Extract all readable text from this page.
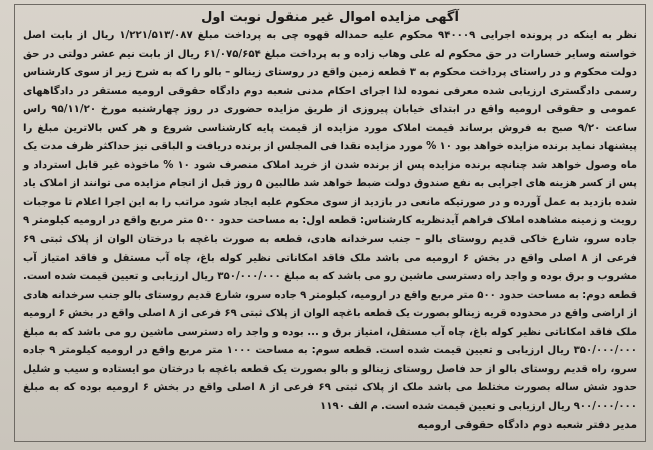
آگهی مزایده اموال غیر منقول نوبت اول

نظر به اینکه در پرونده اجرایی ۹۴۰۰۰۹ محکوم علیه حمداله قهوه چی به پرداخت مبلغ ۱/۲۲۱/۵۱۳/۰۸۷ ریال از بابت اصل خواسته وسایر خسارات در حق محکوم له علی وهاب زاده و به پرداخت مبلغ ۶۱/۰۷۵/۶۵۴ ریال از بابت نیم عشر دولتی در حق دولت محکوم و در راستای پرداخت محکوم به ۳ قطعه زمین واقع در روستای زینالو – بالو را که به شرح زیر از سوی کارشناس رسمی دادگستری ارزیابی شده معرفی نموده لذا اجرای احکام مدنی شعبه دوم دادگاه حقوقی ارومیه مستقر در دادگاههای عمومی و حقوقی ارومیه واقع در ابتدای خیابان پیروزی از طریق مزایده حضوری در روز چهارشنبه مورخ ۹۵/۱۱/۲۰ راس ساعت ۹/۲۰ صبح به فروش برساند قیمت املاک مورد مزایده از قیمت پایه کارشناسی شروع و هر کس بالاترین مبلغ را پیشنهاد نماید برنده مزایده خواهد بود ۱۰ % مورد مزایده نقدا فی المجلس از برنده دریافت و الباقی نیز حداکثر ظرف مدت یک ماه وصول خواهد شد چنانچه برنده مزایده پس از برنده شدن از خرید املاک منصرف شود ۱۰ % ماخوذه غیر قابل استرداد و پس از کسر هزینه های اجرایی به نفع صندوق دولت ضبط خواهد شد طالبین ۵ روز قبل از انجام مزایده می توانند از املاک یاد شده بازدید به عمل آورده و در صورتیکه مانعی در بازدید از سوی محکوم علیه ایجاد شود مراتب را به این اجرا اعلام تا موجبات رویت و زمینه مشاهده املاک فراهم آیدنظریه کارشناس: قطعه اول: به مساحت حدود ۵۰۰ متر مربع واقع در ارومیه کیلومتر ۹ جاده سرو، شارع خاکی قدیم روستای بالو – جنب سرخدانه هادی، قطعه به صورت باغچه با درختان الوان از پلاک ثبتی ۶۹ فرعی از ۸ اصلی واقع در بخش ۶ ارومیه می باشد ملک فاقد امکاناتی نظیر کوله باغ، چاه آب مستقل و فاقد امتیاز آب مشروب و برق بوده و واجد راه دسترسی ماشین رو می باشد که به مبلغ ۳۵۰/۰۰۰/۰۰۰ ریال ارزیابی و تعیین قیمت شده است. قطعه دوم: به مساحت حدود ۵۰۰ متر مربع واقع در ارومیه، کیلومتر ۹ جاده سرو، شارع قدیم روستای بالو جنب سرخدانه هادی از اراضی واقع در محدوده قریه زینالو بصورت یک قطعه باغچه الوان از پلاک ثبتی ۶۹ فرعی از ۸ اصلی واقع در بخش ۶ ارومیه ملک فاقد امکاناتی نظیر کوله باغ، چاه آب مستقل، امتیاز برق و ... بوده و واجد راه دسترسی ماشین رو می باشد که به مبلغ ۳۵۰/۰۰۰/۰۰۰ ریال ارزیابی و تعیین قیمت شده است. قطعه سوم: به مساحت ۱۰۰۰ متر مربع واقع در ارومیه کیلومتر ۹ جاده سرو، راه قدیم روستای بالو از حد فاصل روستای زینالو و بالو بصورت یک قطعه باغچه با درختان مو ایستاده و سیب و شلیل حدود شش ساله بصورت مختلط می باشد ملک از پلاک ثبتی ۶۹ فرعی از ۸ اصلی واقع در بخش ۶ ارومیه بوده که به مبلغ ۹۰۰/۰۰۰/۰۰۰ ریال ارزیابی و تعیین قیمت شده است. م الف ۱۱۹۰

مدیر دفتر شعبه دوم دادگاه حقوقی ارومیه
